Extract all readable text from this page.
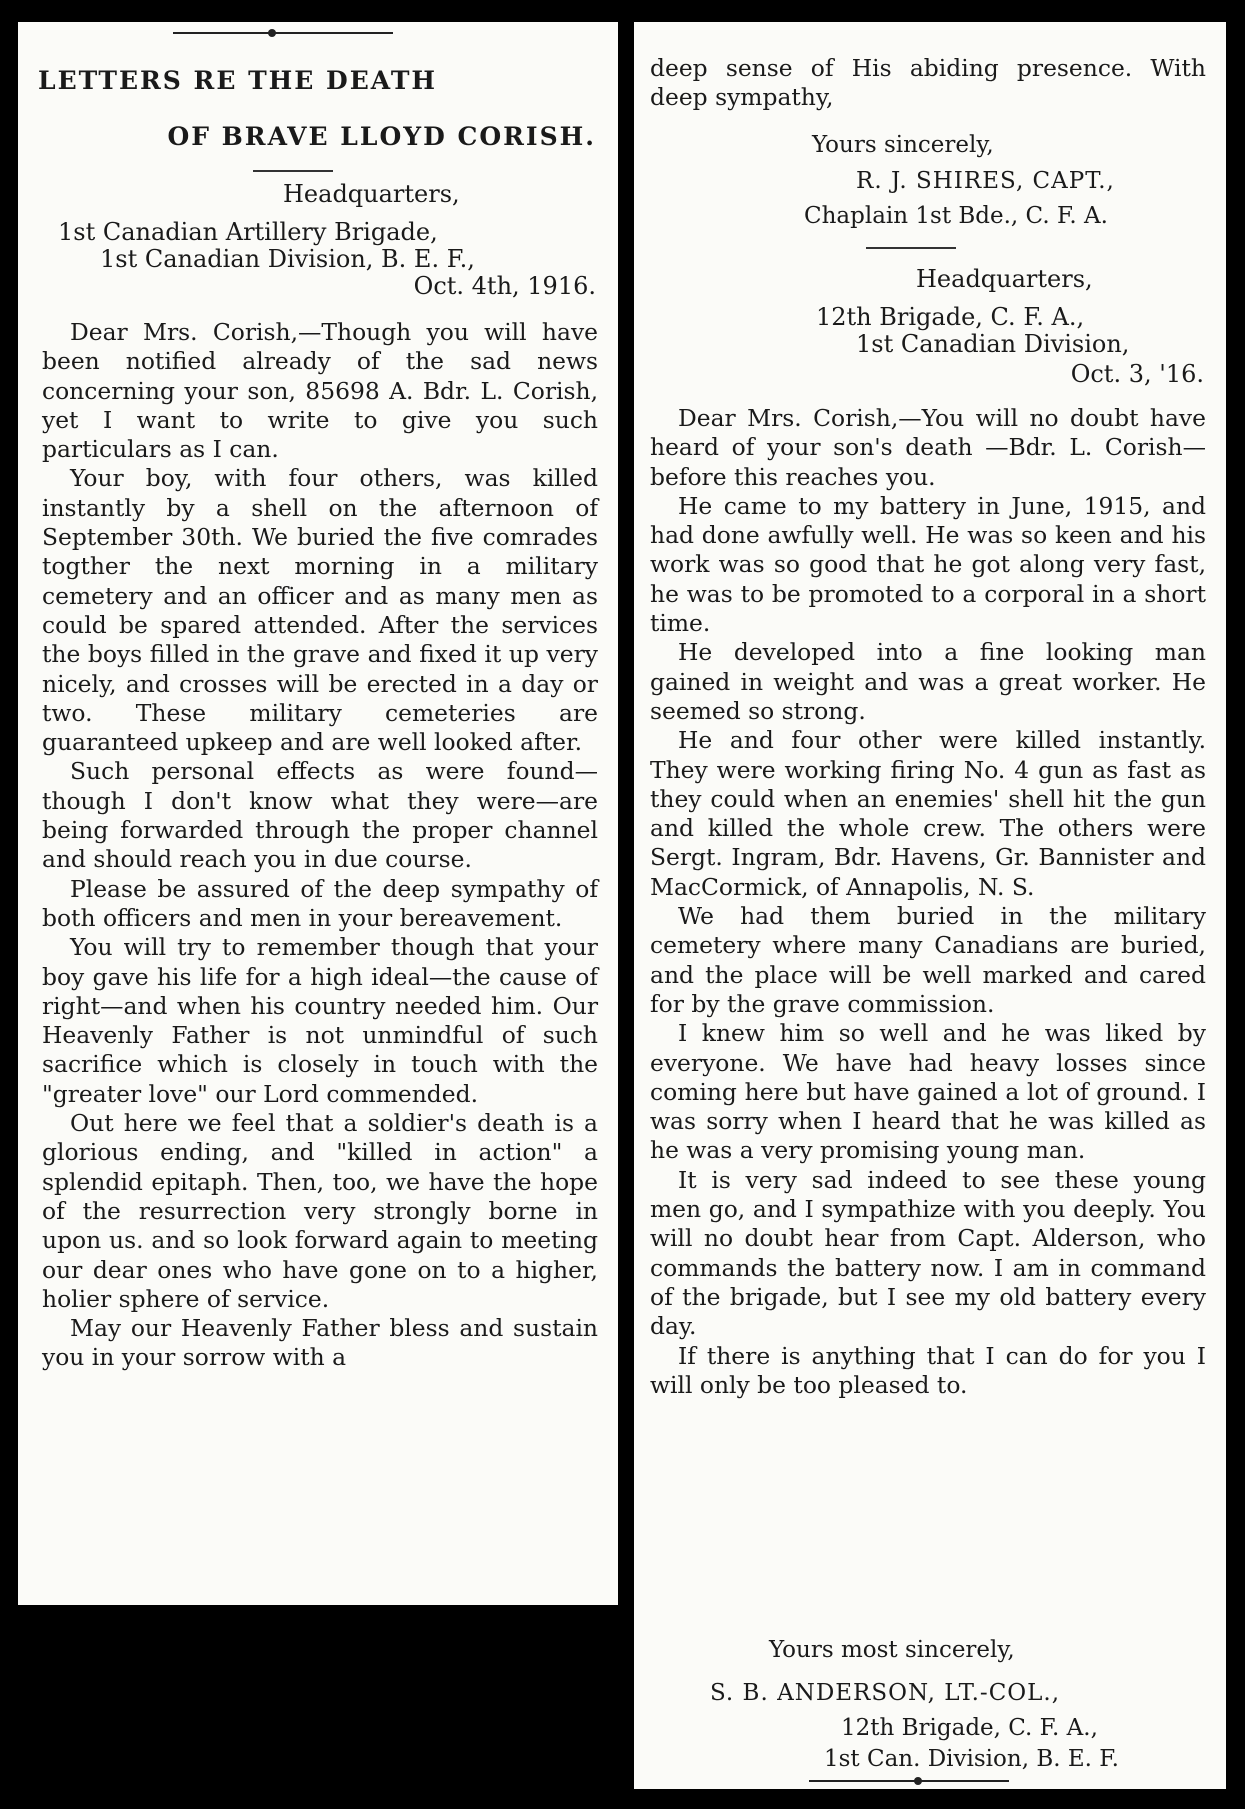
LETTERS RE THE DEATH
OF BRAVE LLOYD CORISH.
Headquarters,
1st Canadian Artillery Brigade,
1st Canadian Division, B. E. F.,
Oct. 4th, 1916.

Dear Mrs. Corish,—Though you will have been notified already of the sad news concerning your son, 85698 A. Bdr. L. Corish, yet I want to write to give you such particulars as I can.

Your boy, with four others, was killed instantly by a shell on the afternoon of September 30th. We buried the five comrades togther the next morning in a military cemetery and an officer and as many men as could be spared attended. After the services the boys filled in the grave and fixed it up very nicely, and crosses will be erected in a day or two. These military cemeteries are guaranteed upkeep and are well looked after.

Such personal effects as were found—though I don't know what they were—are being forwarded through the proper channel and should reach you in due course.

Please be assured of the deep sympathy of both officers and men in your bereavement.

You will try to remember though that your boy gave his life for a high ideal—the cause of right—and when his country needed him. Our Heavenly Father is not unmindful of such sacrifice which is closely in touch with the "greater love" our Lord commended.

Out here we feel that a soldier's death is a glorious ending, and "killed in action" a splendid epitaph. Then, too, we have the hope of the resurrection very strongly borne in upon us. and so look forward again to meeting our dear ones who have gone on to a higher, holier sphere of service.

May our Heavenly Father bless and sustain you in your sorrow with a

deep sense of His abiding presence. With deep sympathy,

Yours sincerely,
R. J. SHIRES, CAPT.,
Chaplain 1st Bde., C. F. A.
Headquarters,
12th Brigade, C. F. A.,
1st Canadian Division,
Oct. 3, '16.

Dear Mrs. Corish,—You will no doubt have heard of your son's death —Bdr. L. Corish—before this reaches you.

He came to my battery in June, 1915, and had done awfully well. He was so keen and his work was so good that he got along very fast, he was to be promoted to a corporal in a short time.

He developed into a fine looking man gained in weight and was a great worker. He seemed so strong.

He and four other were killed instantly. They were working firing No. 4 gun as fast as they could when an enemies' shell hit the gun and killed the whole crew. The others were Sergt. Ingram, Bdr. Havens, Gr. Bannister and MacCormick, of Annapolis, N. S.

We had them buried in the military cemetery where many Canadians are buried, and the place will be well marked and cared for by the grave commission.

I knew him so well and he was liked by everyone. We have had heavy losses since coming here but have gained a lot of ground. I was sorry when I heard that he was killed as he was a very promising young man.

It is very sad indeed to see these young men go, and I sympathize with you deeply. You will no doubt hear from Capt. Alderson, who commands the battery now. I am in command of the brigade, but I see my old battery every day.

If there is anything that I can do for you I will only be too pleased to.

Yours most sincerely,
S. B. ANDERSON, LT.-COL.,
12th Brigade, C. F. A.,
1st Can. Division, B. E. F.
